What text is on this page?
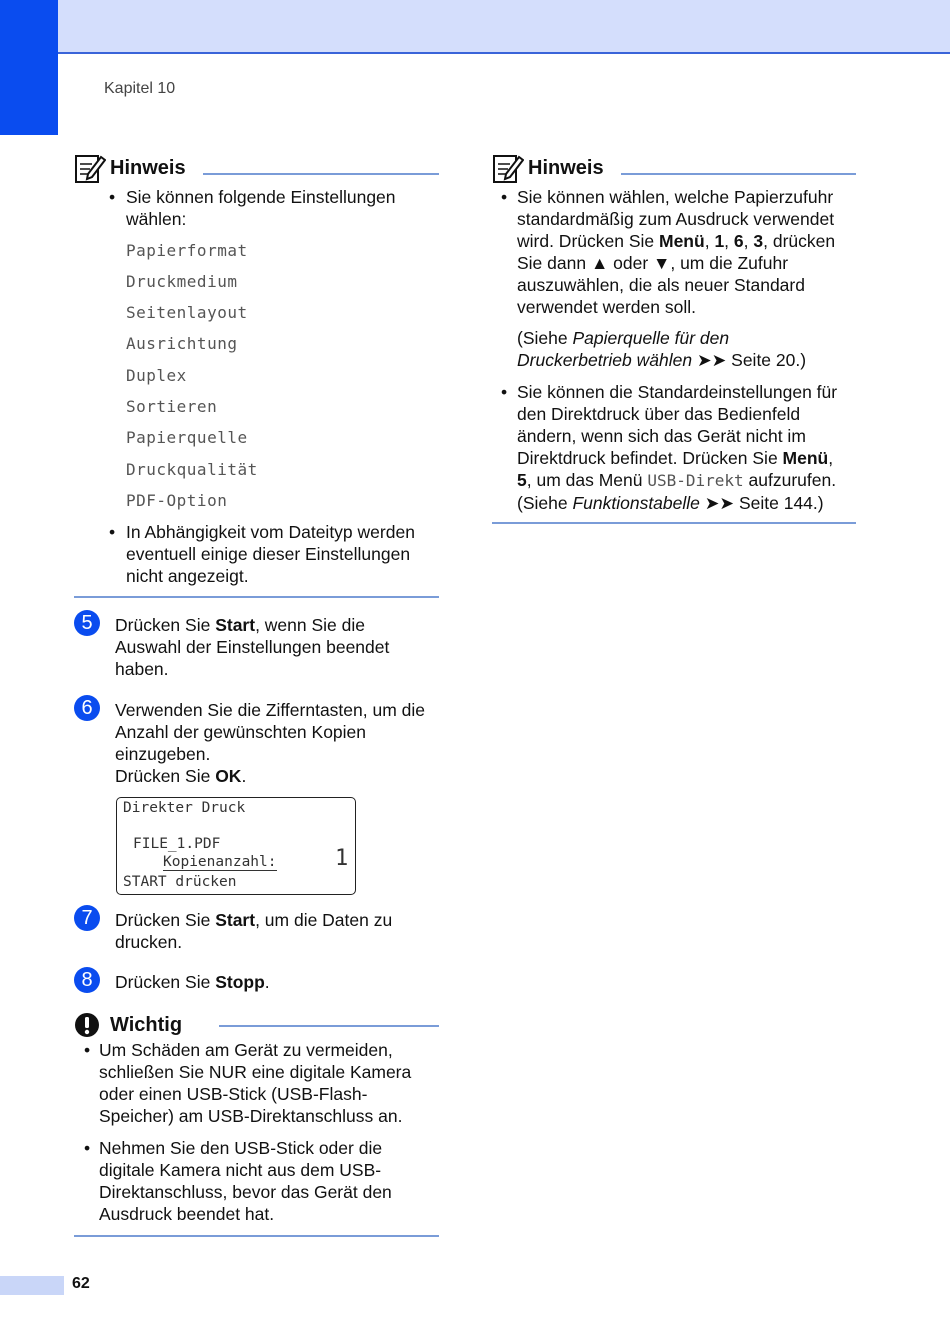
Kapitel 10
Hinweis
• Sie können folgende Einstellungen
wählen:
Papierformat
Druckmedium
Seitenlayout
Ausrichtung
Duplex
Sortieren
Papierquelle
Druckqualität
PDF-Option
• In Abhängigkeit vom Dateityp werden
eventuell einige dieser Einstellungen
nicht angezeigt.
5	Drücken Sie Start, wenn Sie die
Auswahl der Einstellungen beendet
haben.
6	Verwenden Sie die Zifferntasten, um die
Anzahl der gewünschten Kopien
einzugeben.
Drücken Sie OK.
Direkter Druck
FILE_1.PDF
Kopienanzahl:	1
START drücken
7	Drücken Sie Start, um die Daten zu
drucken.
8	Drücken Sie Stopp.
Wichtig
• Um Schäden am Gerät zu vermeiden,
schließen Sie NUR eine digitale Kamera
oder einen USB-Stick (USB-Flash-
Speicher) am USB-Direktanschluss an.
• Nehmen Sie den USB-Stick oder die
digitale Kamera nicht aus dem USB-
Direktanschluss, bevor das Gerät den
Ausdruck beendet hat.
Hinweis
• Sie können wählen, welche Papierzufuhr
standardmäßig zum Ausdruck verwendet
wird. Drücken Sie Menü, 1, 6, 3, drücken
Sie dann ▲ oder ▼, um die Zufuhr
auszuwählen, die als neuer Standard
verwendet werden soll.
(Siehe Papierquelle für den
Druckerbetrieb wählen ➤➤ Seite 20.)
• Sie können die Standardeinstellungen für
den Direktdruck über das Bedienfeld
ändern, wenn sich das Gerät nicht im
Direktdruck befindet. Drücken Sie Menü,
5, um das Menü USB-Direkt aufzurufen.
(Siehe Funktionstabelle ➤➤ Seite 144.)
62
